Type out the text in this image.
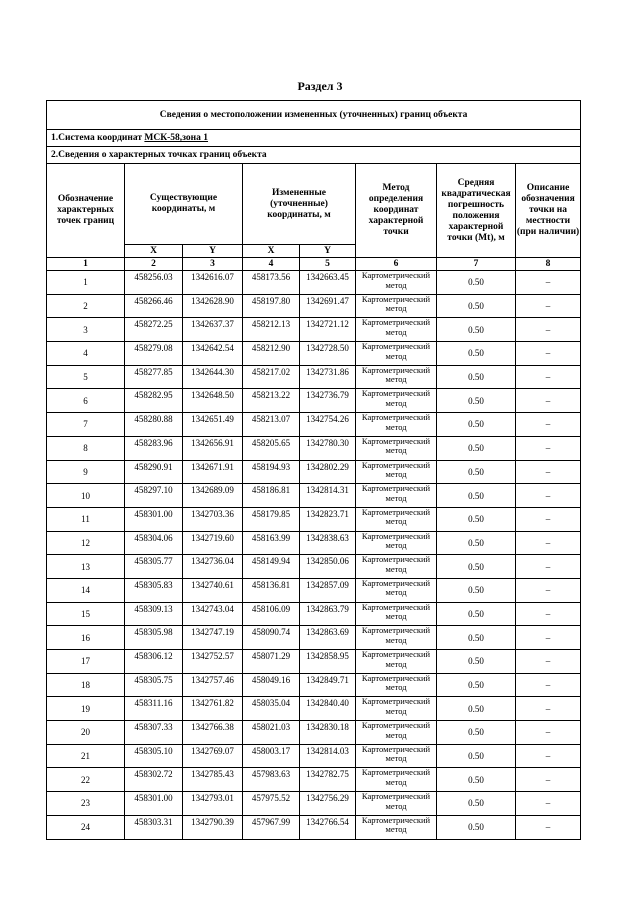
Раздел 3
Сведения о местоположении измененных (уточненных) границ объекта							
1.Система координат МСК-58,зона 1							
2.Сведения о характерных точках границ объекта							
Обозначение характерных точек границ	Существующие координаты, м		Измененные (уточненные) координаты, м		Метод определения координат характерной точки	Средняя квадратическая погрешность положения характерной точки (Mt), м	Описание обозначения точки на местности (при наличии)
	X	Y	X	Y			
1	2	3	4	5	6	7	8
1	458256.03	1342616.07	458173.56	1342663.45	Картометрический метод	0.50	–
2	458266.46	1342628.90	458197.80	1342691.47	Картометрический метод	0.50	–
3	458272.25	1342637.37	458212.13	1342721.12	Картометрический метод	0.50	–
4	458279.08	1342642.54	458212.90	1342728.50	Картометрический метод	0.50	–
5	458277.85	1342644.30	458217.02	1342731.86	Картометрический метод	0.50	–
6	458282.95	1342648.50	458213.22	1342736.79	Картометрический метод	0.50	–
7	458280.88	1342651.49	458213.07	1342754.26	Картометрический метод	0.50	–
8	458283.96	1342656.91	458205.65	1342780.30	Картометрический метод	0.50	–
9	458290.91	1342671.91	458194.93	1342802.29	Картометрический метод	0.50	–
10	458297.10	1342689.09	458186.81	1342814.31	Картометрический метод	0.50	–
11	458301.00	1342703.36	458179.85	1342823.71	Картометрический метод	0.50	–
12	458304.06	1342719.60	458163.99	1342838.63	Картометрический метод	0.50	–
13	458305.77	1342736.04	458149.94	1342850.06	Картометрический метод	0.50	–
14	458305.83	1342740.61	458136.81	1342857.09	Картометрический метод	0.50	–
15	458309.13	1342743.04	458106.09	1342863.79	Картометрический метод	0.50	–
16	458305.98	1342747.19	458090.74	1342863.69	Картометрический метод	0.50	–
17	458306.12	1342752.57	458071.29	1342858.95	Картометрический метод	0.50	–
18	458305.75	1342757.46	458049.16	1342849.71	Картометрический метод	0.50	–
19	458311.16	1342761.82	458035.04	1342840.40	Картометрический метод	0.50	–
20	458307.33	1342766.38	458021.03	1342830.18	Картометрический метод	0.50	–
21	458305.10	1342769.07	458003.17	1342814.03	Картометрический метод	0.50	–
22	458302.72	1342785.43	457983.63	1342782.75	Картометрический метод	0.50	–
23	458301.00	1342793.01	457975.52	1342756.29	Картометрический метод	0.50	–
24	458303.31	1342790.39	457967.99	1342766.54	Картометрический метод	0.50	–
